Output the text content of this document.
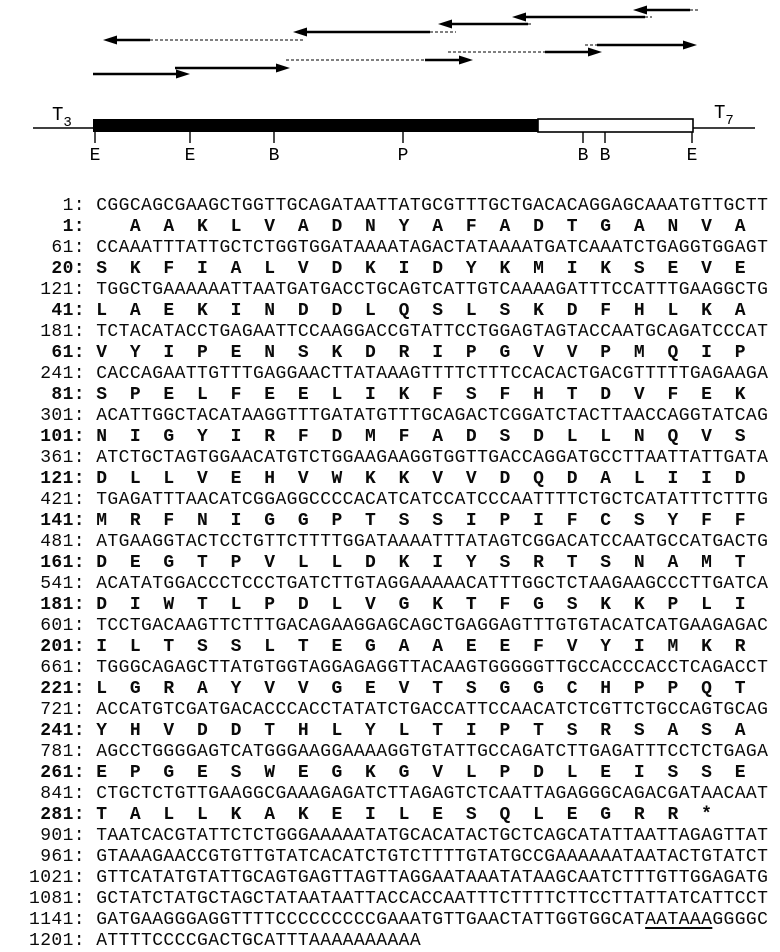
E	E	B	P	B B	E
$T_3$	$T_7$
1: CGGCAGCGAAGCTGGTTGCAGATAATTATGCGTTTGCTGACACAGGAGCAAATGTTGCTT
1:    A  A  K  L  V  A  D  N  Y  A  F  A  D  T  G  A  N  V  A
61: CCAAATTTATTGCTCTGGTGGATAAAATAGACTATAAAATGATCAAATCTGAGGTGGAGT
20: S  K  F  I  A  L  V  D  K  I  D  Y  K  M  I  K  S  E  V  E
121: TGGCTGAAAAAATTAATGATGACCTGCAGTCATTGTCAAAAGATTTCCATTTGAAGGCTG
41: L  A  E  K  I  N  D  D  L  Q  S  L  S  K  D  F  H  L  K  A
181: TCTACATACCTGAGAATTCCAAGGACCGTATTCCTGGAGTAGTACCAATGCAGATCCCAT
61: V  Y  I  P  E  N  S  K  D  R  I  P  G  V  V  P  M  Q  I  P
241: CACCAGAATTGTTTGAGGAACTTATAAAGTTTTCTTTCCACACTGACGTTTTTGAGAAGA
81: S  P  E  L  F  E  E  L  I  K  F  S  F  H  T  D  V  F  E  K
301: ACATTGGCTACATAAGGTTTGATATGTTTGCAGACTCGGATCTACTTAACCAGGTATCAG
101: N  I  G  Y  I  R  F  D  M  F  A  D  S  D  L  L  N  Q  V  S
361: ATCTGCTAGTGGAACATGTCTGGAAGAAGGTGGTTGACCAGGATGCCTTAATTATTGATA
121: D  L  L  V  E  H  V  W  K  K  V  V  D  Q  D  A  L  I  I  D
421: TGAGATTTAACATCGGAGGCCCCACATCATCCATCCCAATTTTCTGCTCATATTTCTTTG
141: M  R  F  N  I  G  G  P  T  S  S  I  P  I  F  C  S  Y  F  F
481: ATGAAGGTACTCCTGTTCTTTTGGATAAAATTTATAGTCGGACATCCAATGCCATGACTG
161: D  E  G  T  P  V  L  L  D  K  I  Y  S  R  T  S  N  A  M  T
541: ACATATGGACCCTCCCTGATCTTGTAGGAAAAACATTTGGCTCTAAGAAGCCCTTGATCA
181: D  I  W  T  L  P  D  L  V  G  K  T  F  G  S  K  K  P  L  I
601: TCCTGACAAGTTCTTTGACAGAAGGAGCAGCTGAGGAGTTTGTGTACATCATGAAGAGAC
201: I  L  T  S  S  L  T  E  G  A  A  E  E  F  V  Y  I  M  K  R
661: TGGGCAGAGCTTATGTGGTAGGAGAGGTTACAAGTGGGGGTTGCCACCCACCTCAGACCT
221: L  G  R  A  Y  V  V  G  E  V  T  S  G  G  C  H  P  P  Q  T
721: ACCATGTCGATGACACCCACCTATATCTGACCATTCCAACATCTCGTTCTGCCAGTGCAG
241: Y  H  V  D  D  T  H  L  Y  L  T  I  P  T  S  R  S  A  S  A
781: AGCCTGGGGAGTCATGGGAAGGAAAAGGTGTATTGCCAGATCTTGAGATTTCCTCTGAGA
261: E  P  G  E  S  W  E  G  K  G  V  L  P  D  L  E  I  S  S  E
841: CTGCTCTGTTGAAGGCGAAAGAGATCTTAGAGTCTCAATTAGAGGGCAGACGATAACAAT
281: T  A  L  L  K  A  K  E  I  L  E  S  Q  L  E  G  R  R  *
901: TAATCACGTATTCTCTGGGAAAAATATGCACATACTGCTCAGCATATTAATTAGAGTTAT
961: GTAAAGAACCGTGTTGTATCACATCTGTCTTTTGTATGCCGAAAAAATAATACTGTATCT
1021: GTTCATATGTATTGCAGTGAGTTAGTTAGGAATAAATATAAGCAATCTTTGTTGGAGATG
1081: GCTATCTATGCTAGCTATAATAATTACCACCAATTTCTTTTCTTCCTTATTATCATTCCT
1141: GATGAAGGGAGGTTTTCCCCCCCCCGAAATGTTGAACTATTGGTGGCATAATAAAGGGGC
1201: ATTTTCCCCGACTGCATTTAAAAAAAAAA
